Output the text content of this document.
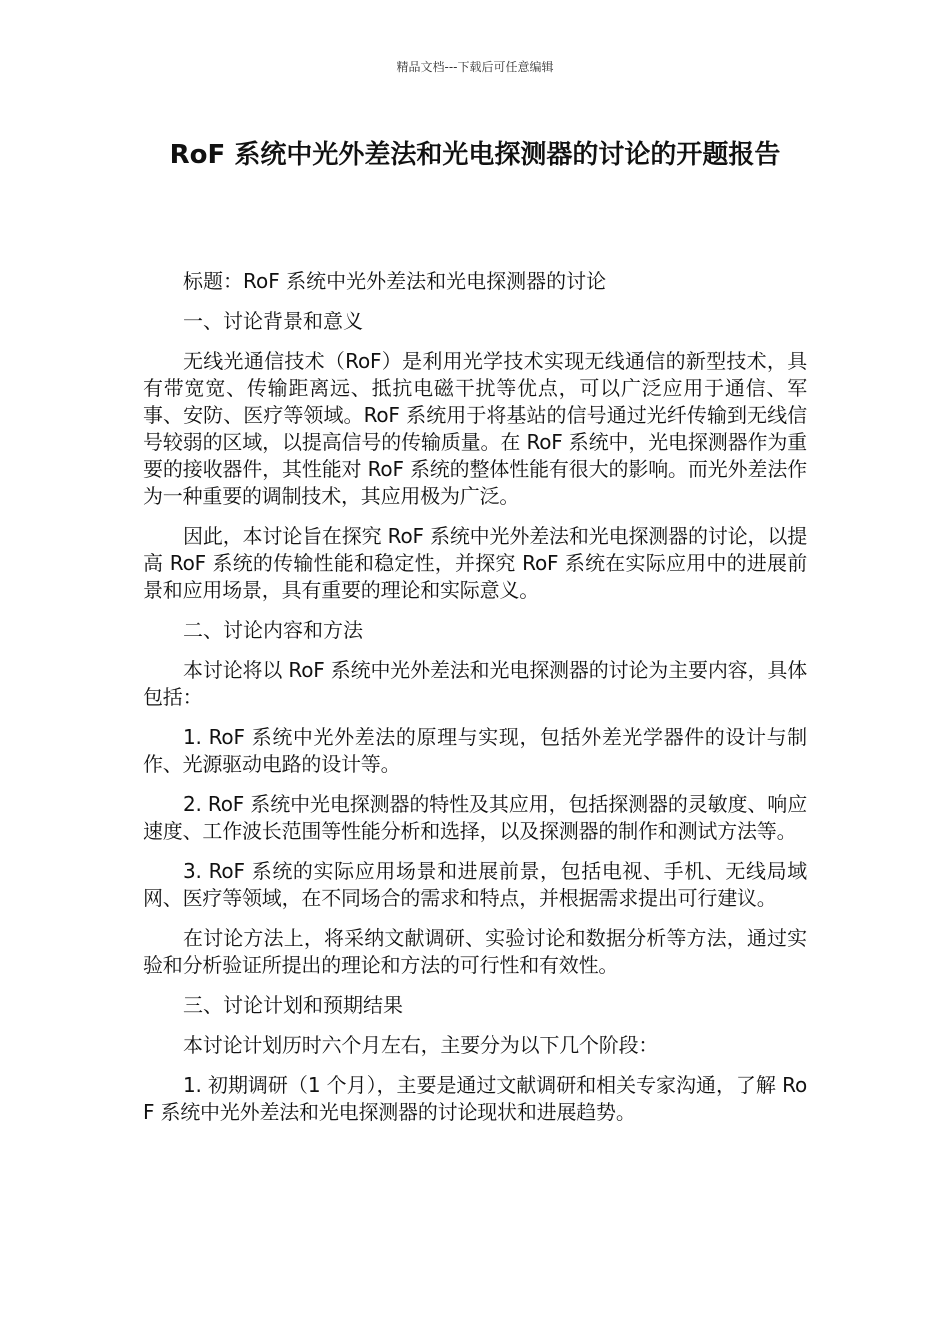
精品文档---下载后可任意编辑
RoF 系统中光外差法和光电探测器的讨论的开题报告

标题：RoF 系统中光外差法和光电探测器的讨论

一、讨论背景和意义

无线光通信技术（RoF）是利用光学技术实现无线通信的新型技术，具有带宽宽、传输距离远、抵抗电磁干扰等优点，可以广泛应用于通信、军事、安防、医疗等领域。RoF 系统用于将基站的信号通过光纤传输到无线信号较弱的区域，以提高信号的传输质量。在 RoF 系统中，光电探测器作为重要的接收器件，其性能对 RoF 系统的整体性能有很大的影响。而光外差法作为一种重要的调制技术，其应用极为广泛。

因此，本讨论旨在探究 RoF 系统中光外差法和光电探测器的讨论，以提高 RoF 系统的传输性能和稳定性，并探究 RoF 系统在实际应用中的进展前景和应用场景，具有重要的理论和实际意义。

二、讨论内容和方法

本讨论将以 RoF 系统中光外差法和光电探测器的讨论为主要内容，具体包括：

1. RoF 系统中光外差法的原理与实现，包括外差光学器件的设计与制作、光源驱动电路的设计等。

2. RoF 系统中光电探测器的特性及其应用，包括探测器的灵敏度、响应速度、工作波长范围等性能分析和选择，以及探测器的制作和测试方法等。

3. RoF 系统的实际应用场景和进展前景，包括电视、手机、无线局域网、医疗等领域，在不同场合的需求和特点，并根据需求提出可行建议。

在讨论方法上，将采纳文献调研、实验讨论和数据分析等方法，通过实验和分析验证所提出的理论和方法的可行性和有效性。

三、讨论计划和预期结果

本讨论计划历时六个月左右，主要分为以下几个阶段：

1. 初期调研（1 个月），主要是通过文献调研和相关专家沟通，了解 RoF 系统中光外差法和光电探测器的讨论现状和进展趋势。
